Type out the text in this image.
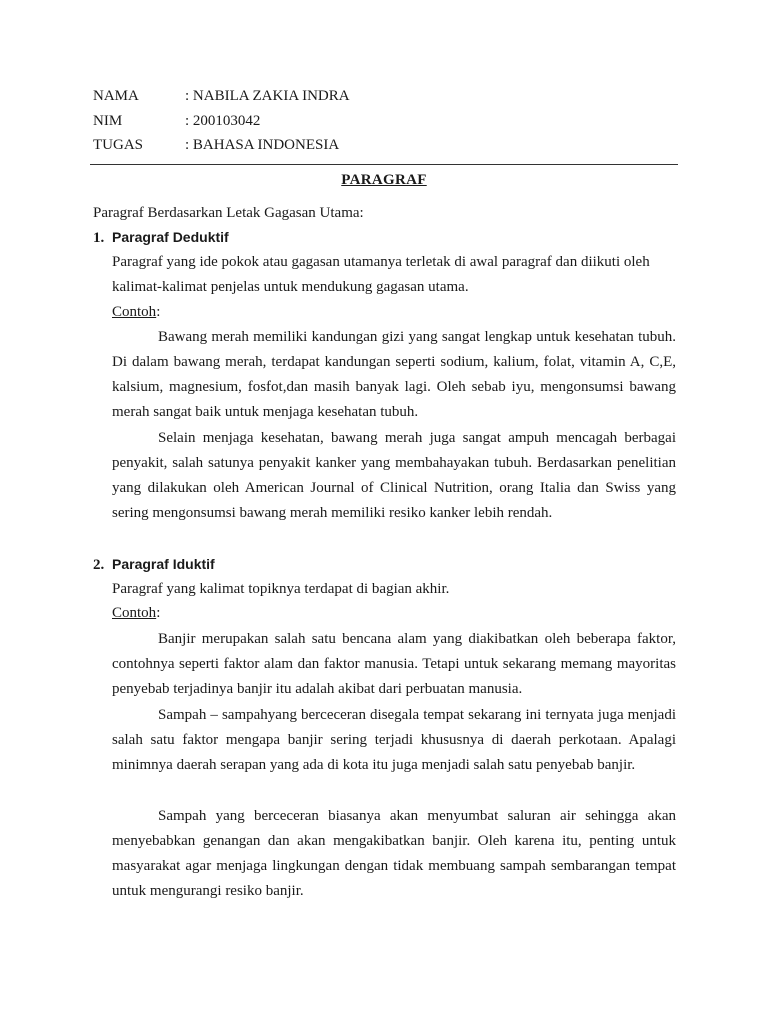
NAMA	: NABILA ZAKIA INDRA
NIM	: 200103042
TUGAS	: BAHASA INDONESIA
PARAGRAF
Paragraf Berdasarkan Letak Gagasan Utama:
1. Paragraf Deduktif
Paragraf yang ide pokok atau gagasan utamanya terletak di awal paragraf dan diikuti oleh kalimat-kalimat penjelas untuk mendukung gagasan utama.
Contoh:
Bawang merah memiliki kandungan gizi yang sangat lengkap untuk kesehatan tubuh. Di dalam bawang merah, terdapat kandungan seperti sodium, kalium, folat, vitamin A, C,E, kalsium, magnesium, fosfot,dan masih banyak lagi. Oleh sebab iyu, mengonsumsi bawang merah sangat baik untuk menjaga kesehatan tubuh.
Selain menjaga kesehatan, bawang merah juga sangat ampuh mencagah berbagai penyakit, salah satunya penyakit kanker yang membahayakan tubuh. Berdasarkan penelitian yang dilakukan oleh American Journal of Clinical Nutrition, orang Italia dan Swiss yang sering mengonsumsi bawang merah memiliki resiko kanker lebih rendah.
2. Paragraf Iduktif
Paragraf yang kalimat topiknya terdapat di bagian akhir.
Contoh:
Banjir merupakan salah satu bencana alam yang diakibatkan oleh beberapa faktor, contohnya seperti faktor alam dan faktor manusia. Tetapi untuk sekarang memang mayoritas penyebab terjadinya banjir itu adalah akibat dari perbuatan manusia.
Sampah – sampahyang berceceran disegala tempat sekarang ini ternyata juga menjadi salah satu faktor mengapa banjir sering terjadi khususnya di daerah perkotaan. Apalagi minimnya daerah serapan yang ada di kota itu juga menjadi salah satu penyebab banjir.
Sampah yang berceceran biasanya akan menyumbat saluran air sehingga akan menyebabkan genangan dan akan mengakibatkan banjir. Oleh karena itu, penting untuk masyarakat agar menjaga lingkungan dengan tidak membuang sampah sembarangan tempat untuk mengurangi resiko banjir.
